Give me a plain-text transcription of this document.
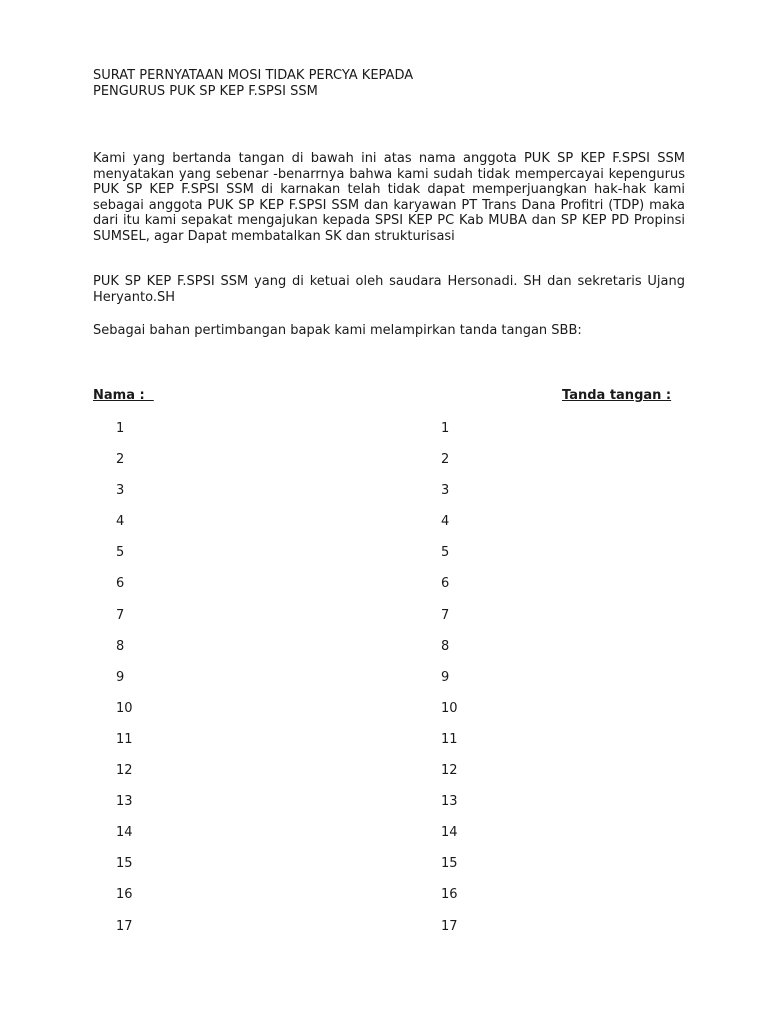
SURAT PERNYATAAN MOSI TIDAK PERCYA KEPADA
PENGURUS PUK SP KEP F.SPSI SSM

Kami yang bertanda tangan di bawah ini atas nama anggota PUK SP KEP F.SPSI SSM menyatakan yang sebenar -benarrnya bahwa kami sudah tidak mempercayai kepengurus PUK SP KEP F.SPSI SSM di karnakan telah tidak dapat memperjuangkan hak-hak kami sebagai anggota PUK SP KEP F.SPSI SSM dan karyawan PT Trans Dana Profitri (TDP) maka dari itu kami sepakat mengajukan kepada SPSI KEP PC Kab MUBA dan SP KEP PD Propinsi SUMSEL, agar Dapat membatalkan SK dan strukturisasi

PUK SP KEP F.SPSI SSM yang di ketuai oleh saudara Hersonadi. SH dan sekretaris Ujang Heryanto.SH

Sebagai bahan pertimbangan bapak kami melampirkan tanda tangan SBB:

Nama :	Tanda tangan :
1
2
3
4
5
6
7
8
9
10
11
12
13
14
15
16
17
1
2
3
4
5
6
7
8
9
10
11
12
13
14
15
16
17
